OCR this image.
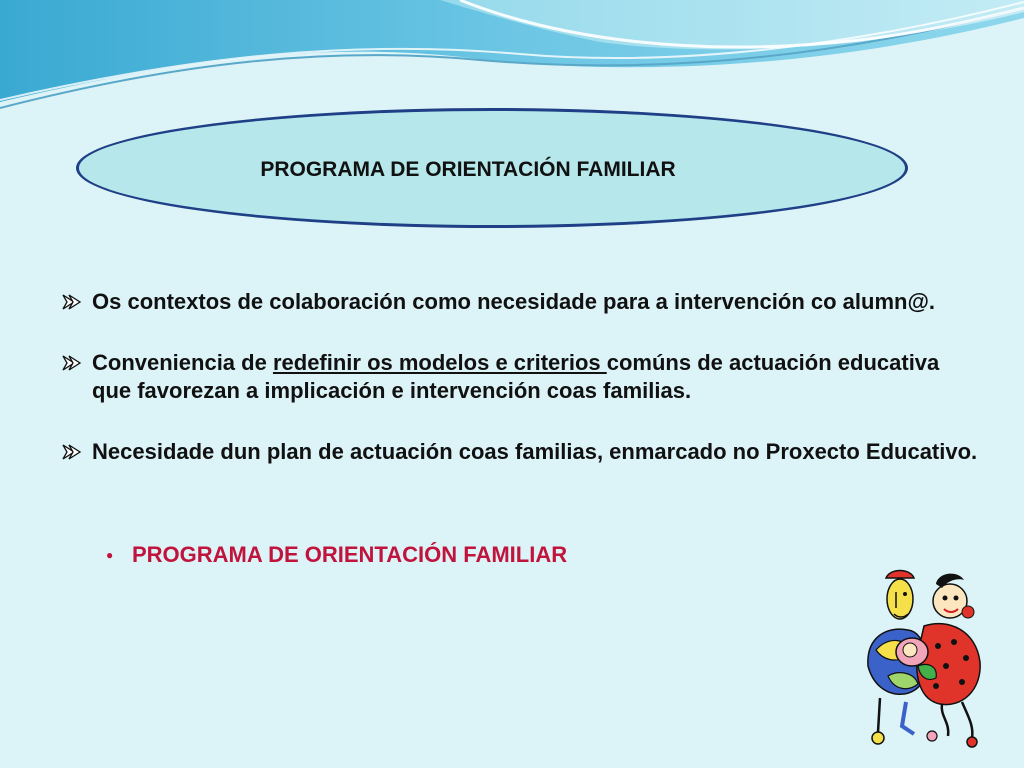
PROGRAMA DE ORIENTACIÓN FAMILIAR
Os contextos de colaboración como necesidade para a intervención co alumn@.
Conveniencia de redefinir os modelos e criterios comúns de actuación educativa que favorezan a implicación e intervención coas familias.
Necesidade dun plan de actuación coas familias, enmarcado no Proxecto Educativo.
● PROGRAMA DE ORIENTACIÓN FAMILIAR
